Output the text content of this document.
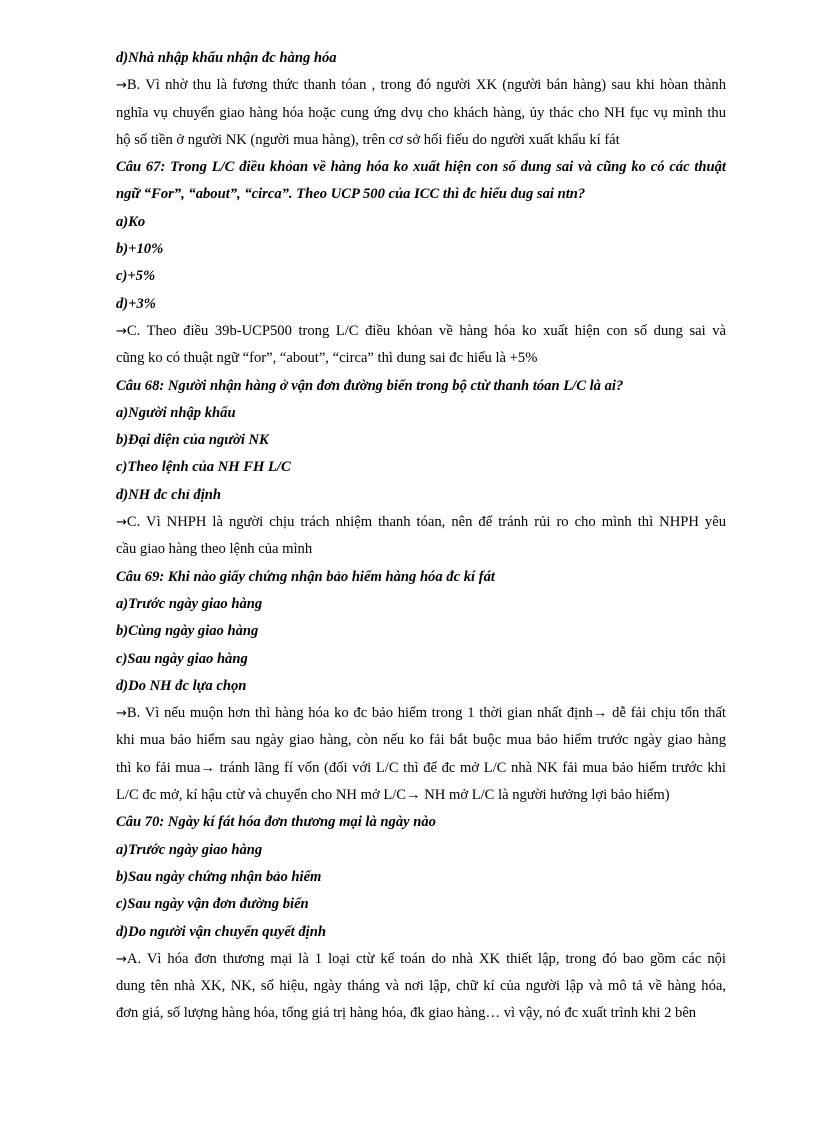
d)Nhà nhập khẩu nhận đc hàng hóa
→B. Vì nhờ thu là fương thức thanh tóan , trong đó người XK (người bán hàng) sau khi hòan thành
nghĩa vụ chuyển giao hàng hóa hoặc cung ứng dvụ cho khách hàng, ủy thác cho NH fục vụ mình thu
hộ số tiền ở người NK (người mua hàng), trên cơ sở hối fiếu do người xuất khẩu kí fát
Câu 67: Trong L/C điều khỏan về hàng hóa ko xuất hiện con số dung sai và cũng ko có các thuật
ngữ “For”, “about”, “circa”. Theo UCP 500 của ICC thì đc hiểu dug sai ntn?
a)Ko
b)+10%
c)+5%
d)+3%
→C. Theo điều 39b-UCP500 trong L/C điều khỏan về hàng hóa ko xuất hiện con số dung sai và
cũng ko có thuật ngữ “for”, “about”, “circa” thì dung sai đc hiểu là +5%
Câu 68: Người nhận hàng ở vận đơn đường biển trong bộ ctừ thanh tóan L/C là ai?
a)Người nhập khẩu
b)Đại diện của người NK
c)Theo lệnh của NH FH L/C
d)NH đc chỉ định
→C. Vì NHPH là người chịu trách nhiệm thanh tóan, nên để tránh rủi ro cho mình thì NHPH yêu
cầu giao hàng theo lệnh của mình
Câu 69: Khi nào giấy chứng nhận bảo hiểm hàng hóa đc kí fát
a)Trước ngày giao hàng
b)Cùng ngày giao hàng
c)Sau ngày giao hàng
d)Do NH đc lựa chọn
→B. Vì nếu muộn hơn thì hàng hóa ko đc bảo hiểm trong 1 thời gian nhất định→ dễ fải chịu tổn thất
khi mua bảo hiểm sau ngày giao hàng, còn nếu ko fải bắt buộc mua bảo hiểm trước ngày giao hàng
thì ko fải mua→ tránh lãng fí vốn (đối với L/C thì để đc mở L/C nhà NK fải mua bảo hiểm trước khi
L/C đc mở, kí hậu ctừ và chuyển cho NH mở L/C→ NH mở L/C là người hưởng lợi bảo hiểm)
Câu 70: Ngày kí fát hóa đơn thương mại là ngày nào
a)Trước ngày giao hàng
b)Sau ngày chứng nhận bảo hiểm
c)Sau ngày vận đơn đường biển
d)Do người vận chuyển quyết định
→A. Vì hóa đơn thương mại là 1 loại ctừ kế toán do nhà XK thiết lập, trong đó bao gồm các nội
dung tên nhà XK, NK, số hiệu, ngày tháng và nơi lập, chữ kí của người lập và mô tả về hàng hóa,
đơn giá, số lượng hàng hóa, tổng giá trị hàng hóa, đk giao hàng… vì vậy, nó đc xuất trình khi 2 bên
